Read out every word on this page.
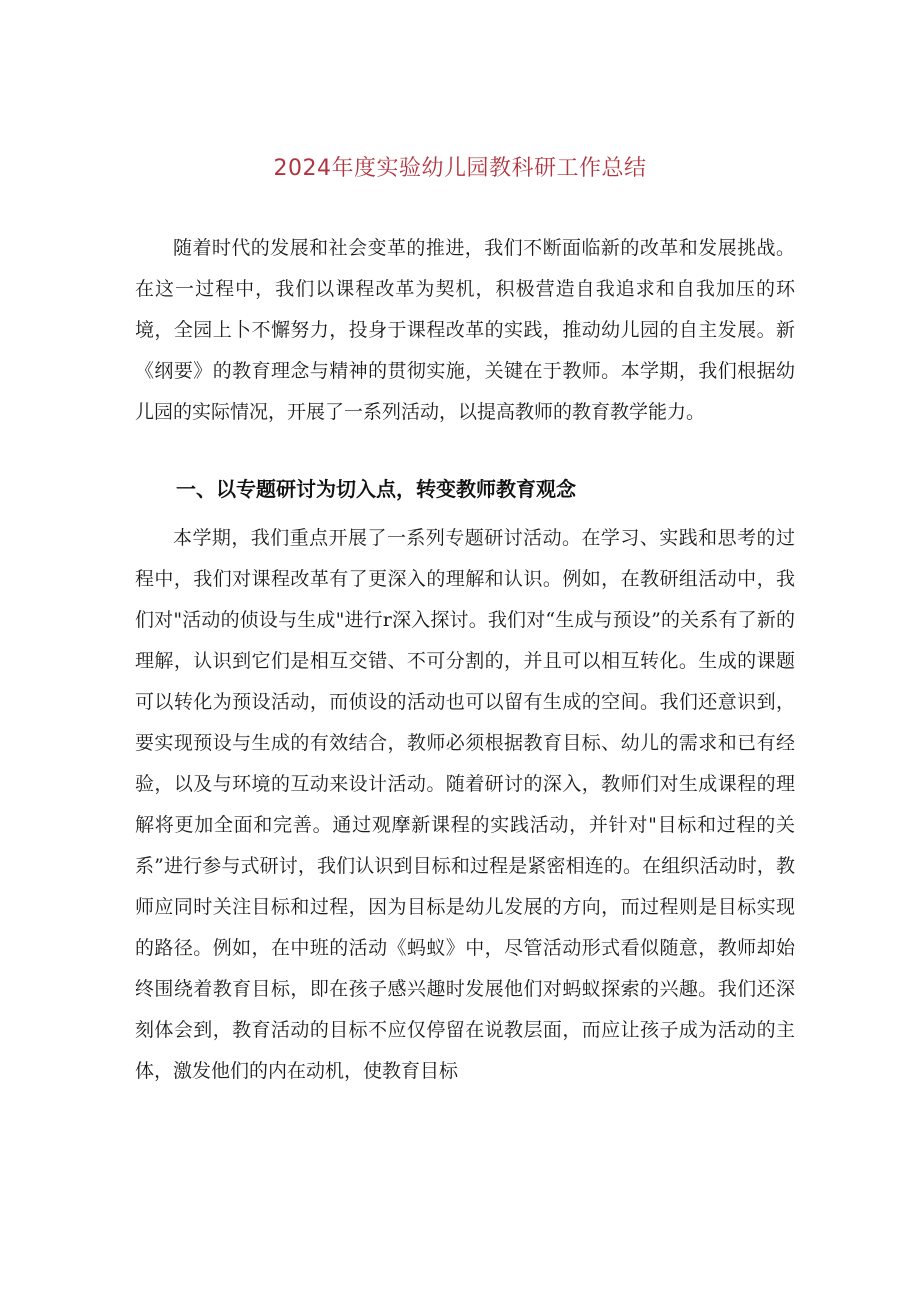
2024年度实验幼儿园教科研工作总结

随着时代的发展和社会变革的推进，我们不断面临新的改革和发展挑战。在这一过程中，我们以课程改革为契机，积极营造自我追求和自我加压的环境，全园上卜不懈努力，投身于课程改革的实践，推动幼儿园的自主发展。新《纲要》的教育理念与精神的贯彻实施，关键在于教师。本学期，我们根据幼儿园的实际情况，开展了一系列活动，以提高教师的教育教学能力。

一、以专题研讨为切入点，转变教师教育观念

本学期，我们重点开展了一系列专题研讨活动。在学习、实践和思考的过程中，我们对课程改革有了更深入的理解和认识。例如，在教研组活动中，我们对"活动的侦设与生成"进行r深入探讨。我们对“生成与预设”的关系有了新的理解，认识到它们是相互交错、不可分割的，并且可以相互转化。生成的课题可以转化为预设活动，而侦设的活动也可以留有生成的空间。我们还意识到，要实现预设与生成的有效结合，教师必须根据教育目标、幼儿的需求和已有经验，以及与环境的互动来设计活动。随着研讨的深入，教师们对生成课程的理解将更加全面和完善。通过观摩新课程的实践活动，并针对"目标和过程的关系”进行参与式研讨，我们认识到目标和过程是紧密相连的。在组织活动时，教师应同时关注目标和过程，因为目标是幼儿发展的方向，而过程则是目标实现的路径。例如，在中班的活动《蚂蚁》中，尽管活动形式看似随意，教师却始终围绕着教育目标，即在孩子感兴趣时发展他们对蚂蚁探索的兴趣。我们还深刻体会到，教育活动的目标不应仅停留在说教层面，而应让孩子成为活动的主体，激发他们的内在动机，使教育目标
